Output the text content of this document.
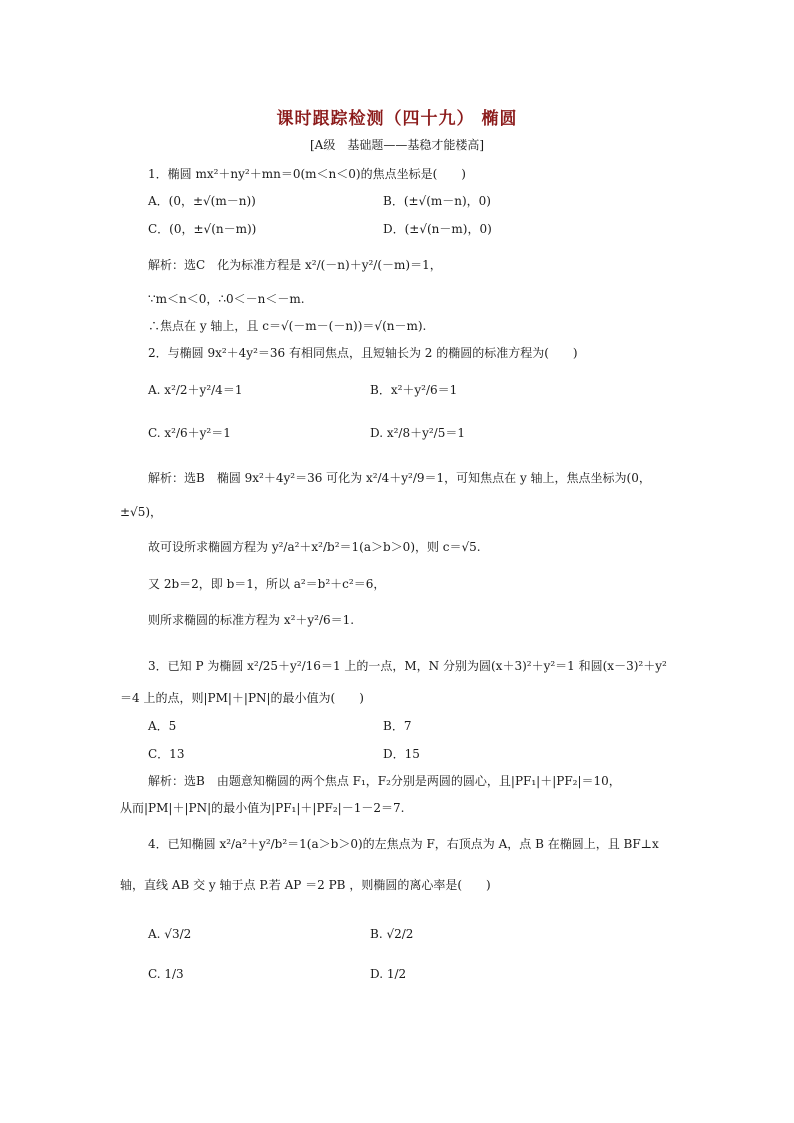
课时跟踪检测（四十九） 椭圆
[A级　基础题——基稳才能楼高]
1．椭圆 mx²＋ny²＋mn＝0(m＜n＜0)的焦点坐标是(　　)
A．(0，±√(m－n))	B．(±√(m－n)，0)
C．(0，±√(n－m))	D．(±√(n－m)，0)
解析：选C　化为标准方程是 x²/(－n)＋y²/(－m)＝1，
∵m＜n＜0，∴0＜－n＜－m.
∴焦点在 y 轴上，且 c＝√(－m－(－n))＝√(n－m).
2．与椭圆 9x²＋4y²＝36 有相同焦点，且短轴长为 2 的椭圆的标准方程为(　　)
A. x²/2＋y²/4＝1	B．x²＋y²/6＝1
C. x²/6＋y²＝1	D. x²/8＋y²/5＝1
解析：选B　椭圆 9x²＋4y²＝36 可化为 x²/4＋y²/9＝1，可知焦点在 y 轴上，焦点坐标为(0，
±√5)，
故可设所求椭圆方程为 y²/a²＋x²/b²＝1(a＞b＞0)，则 c＝√5.
又 2b＝2，即 b＝1，所以 a²＝b²＋c²＝6，
则所求椭圆的标准方程为 x²＋y²/6＝1.
3．已知 P 为椭圆 x²/25＋y²/16＝1 上的一点，M，N 分别为圆(x＋3)²＋y²＝1 和圆(x－3)²＋y²
＝4 上的点，则|PM|＋|PN|的最小值为(　　)
A．5	B．7
C．13	D．15
解析：选B　由题意知椭圆的两个焦点 F₁，F₂分别是两圆的圆心，且|PF₁|＋|PF₂|＝10，
从而|PM|＋|PN|的最小值为|PF₁|＋|PF₂|－1－2＝7.
4．已知椭圆 x²/a²＋y²/b²＝1(a＞b＞0)的左焦点为 F，右顶点为 A，点 B 在椭圆上，且 BF⊥x
轴，直线 AB 交 y 轴于点 P.若 AP ＝2 PB ，则椭圆的离心率是(　　)
A. √3/2	B. √2/2
C. 1/3	D. 1/2
